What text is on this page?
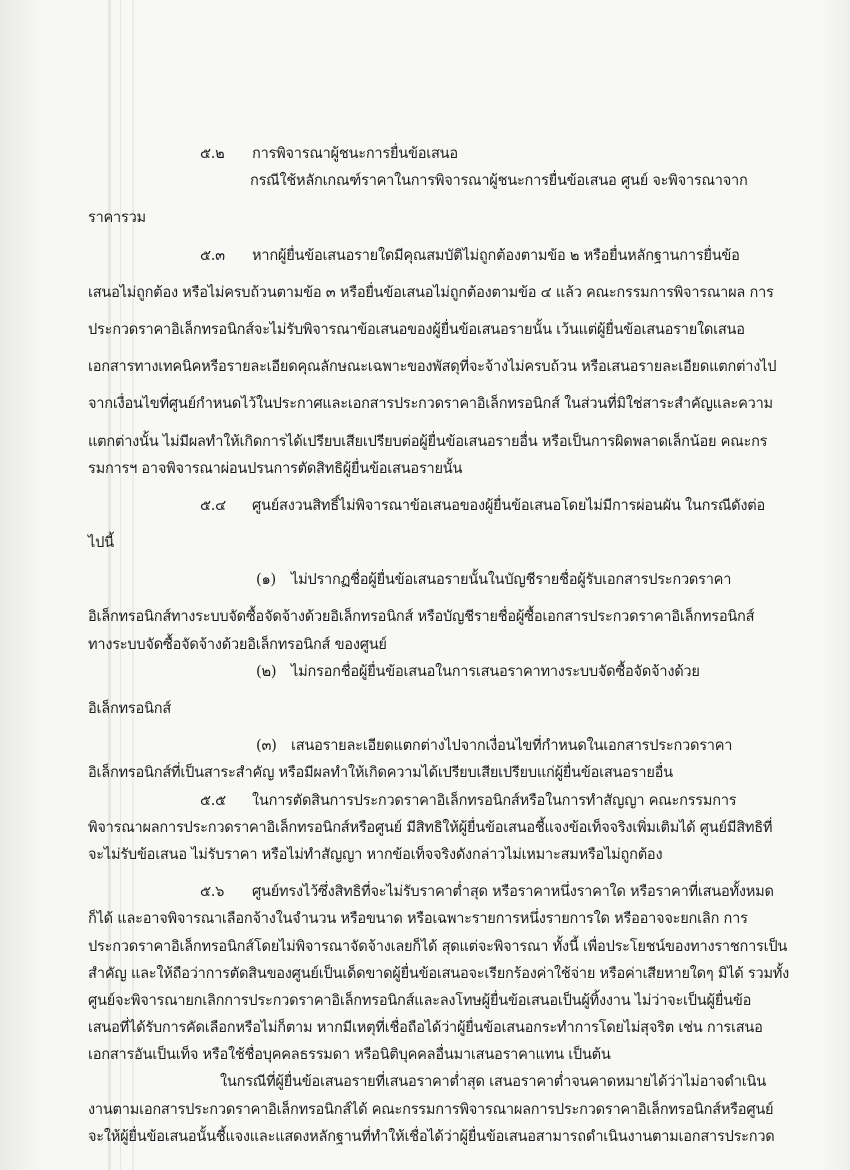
๕.๒ การพิจารณาผู้ชนะการยื่นข้อเสนอ
กรณีใช้หลักเกณฑ์ราคาในการพิจารณาผู้ชนะการยื่นข้อเสนอ ศูนย์ จะพิจารณาจาก
ราคารวม
๕.๓ หากผู้ยื่นข้อเสนอรายใดมีคุณสมบัติไม่ถูกต้องตามข้อ ๒ หรือยื่นหลักฐานการยื่นข้อ
เสนอไม่ถูกต้อง หรือไม่ครบถ้วนตามข้อ ๓ หรือยื่นข้อเสนอไม่ถูกต้องตามข้อ ๔ แล้ว คณะกรรมการพิจารณาผล การ
ประกวดราคาอิเล็กทรอนิกส์จะไม่รับพิจารณาข้อเสนอของผู้ยื่นข้อเสนอรายนั้น เว้นแต่ผู้ยื่นข้อเสนอรายใดเสนอ
เอกสารทางเทคนิคหรือรายละเอียดคุณลักษณะเฉพาะของพัสดุที่จะจ้างไม่ครบถ้วน หรือเสนอรายละเอียดแตกต่างไป
จากเงื่อนไขที่ศูนย์กำหนดไว้ในประกาศและเอกสารประกวดราคาอิเล็กทรอนิกส์ ในส่วนที่มิใช่สาระสำคัญและความ
แตกต่างนั้น ไม่มีผลทำให้เกิดการได้เปรียบเสียเปรียบต่อผู้ยื่นข้อเสนอรายอื่น หรือเป็นการผิดพลาดเล็กน้อย คณะกร
รมการฯ อาจพิจารณาผ่อนปรนการตัดสิทธิผู้ยื่นข้อเสนอรายนั้น
๕.๔ ศูนย์สงวนสิทธิ์ไม่พิจารณาข้อเสนอของผู้ยื่นข้อเสนอโดยไม่มีการผ่อนผัน ในกรณีดังต่อ
ไปนี้
(๑) ไม่ปรากฏชื่อผู้ยื่นข้อเสนอรายนั้นในบัญชีรายชื่อผู้รับเอกสารประกวดราคา
อิเล็กทรอนิกส์ทางระบบจัดซื้อจัดจ้างด้วยอิเล็กทรอนิกส์ หรือบัญชีรายชื่อผู้ซื้อเอกสารประกวดราคาอิเล็กทรอนิกส์
ทางระบบจัดซื้อจัดจ้างด้วยอิเล็กทรอนิกส์ ของศูนย์
(๒) ไม่กรอกชื่อผู้ยื่นข้อเสนอในการเสนอราคาทางระบบจัดซื้อจัดจ้างด้วย
อิเล็กทรอนิกส์
(๓) เสนอรายละเอียดแตกต่างไปจากเงื่อนไขที่กำหนดในเอกสารประกวดราคา
อิเล็กทรอนิกส์ที่เป็นสาระสำคัญ หรือมีผลทำให้เกิดความได้เปรียบเสียเปรียบแก่ผู้ยื่นข้อเสนอรายอื่น
๕.๕ ในการตัดสินการประกวดราคาอิเล็กทรอนิกส์หรือในการทำสัญญา คณะกรรมการ
พิจารณาผลการประกวดราคาอิเล็กทรอนิกส์หรือศูนย์ มีสิทธิให้ผู้ยื่นข้อเสนอชี้แจงข้อเท็จจริงเพิ่มเติมได้ ศูนย์มีสิทธิที่
จะไม่รับข้อเสนอ ไม่รับราคา หรือไม่ทำสัญญา หากข้อเท็จจริงดังกล่าวไม่เหมาะสมหรือไม่ถูกต้อง
๕.๖ ศูนย์ทรงไว้ซึ่งสิทธิที่จะไม่รับราคาต่ำสุด หรือราคาหนึ่งราคาใด หรือราคาที่เสนอทั้งหมด
ก็ได้ และอาจพิจารณาเลือกจ้างในจำนวน หรือขนาด หรือเฉพาะรายการหนึ่งรายการใด หรืออาจจะยกเลิก การ
ประกวดราคาอิเล็กทรอนิกส์โดยไม่พิจารณาจัดจ้างเลยก็ได้ สุดแต่จะพิจารณา ทั้งนี้ เพื่อประโยชน์ของทางราชการเป็น
สำคัญ และให้ถือว่าการตัดสินของศูนย์เป็นเด็ดขาดผู้ยื่นข้อเสนอจะเรียกร้องค่าใช้จ่าย หรือค่าเสียหายใดๆ มิได้ รวมทั้ง
ศูนย์จะพิจารณายกเลิกการประกวดราคาอิเล็กทรอนิกส์และลงโทษผู้ยื่นข้อเสนอเป็นผู้ทิ้งงาน ไม่ว่าจะเป็นผู้ยื่นข้อ
เสนอที่ได้รับการคัดเลือกหรือไม่ก็ตาม หากมีเหตุที่เชื่อถือได้ว่าผู้ยื่นข้อเสนอกระทำการโดยไม่สุจริต เช่น การเสนอ
เอกสารอันเป็นเท็จ หรือใช้ชื่อบุคคลธรรมดา หรือนิติบุคคลอื่นมาเสนอราคาแทน เป็นต้น
ในกรณีที่ผู้ยื่นข้อเสนอรายที่เสนอราคาต่ำสุด เสนอราคาต่ำจนคาดหมายได้ว่าไม่อาจดำเนิน
งานตามเอกสารประกวดราคาอิเล็กทรอนิกส์ได้ คณะกรรมการพิจารณาผลการประกวดราคาอิเล็กทรอนิกส์หรือศูนย์
จะให้ผู้ยื่นข้อเสนอนั้นชี้แจงและแสดงหลักฐานที่ทำให้เชื่อได้ว่าผู้ยื่นข้อเสนอสามารถดำเนินงานตามเอกสารประกวด
